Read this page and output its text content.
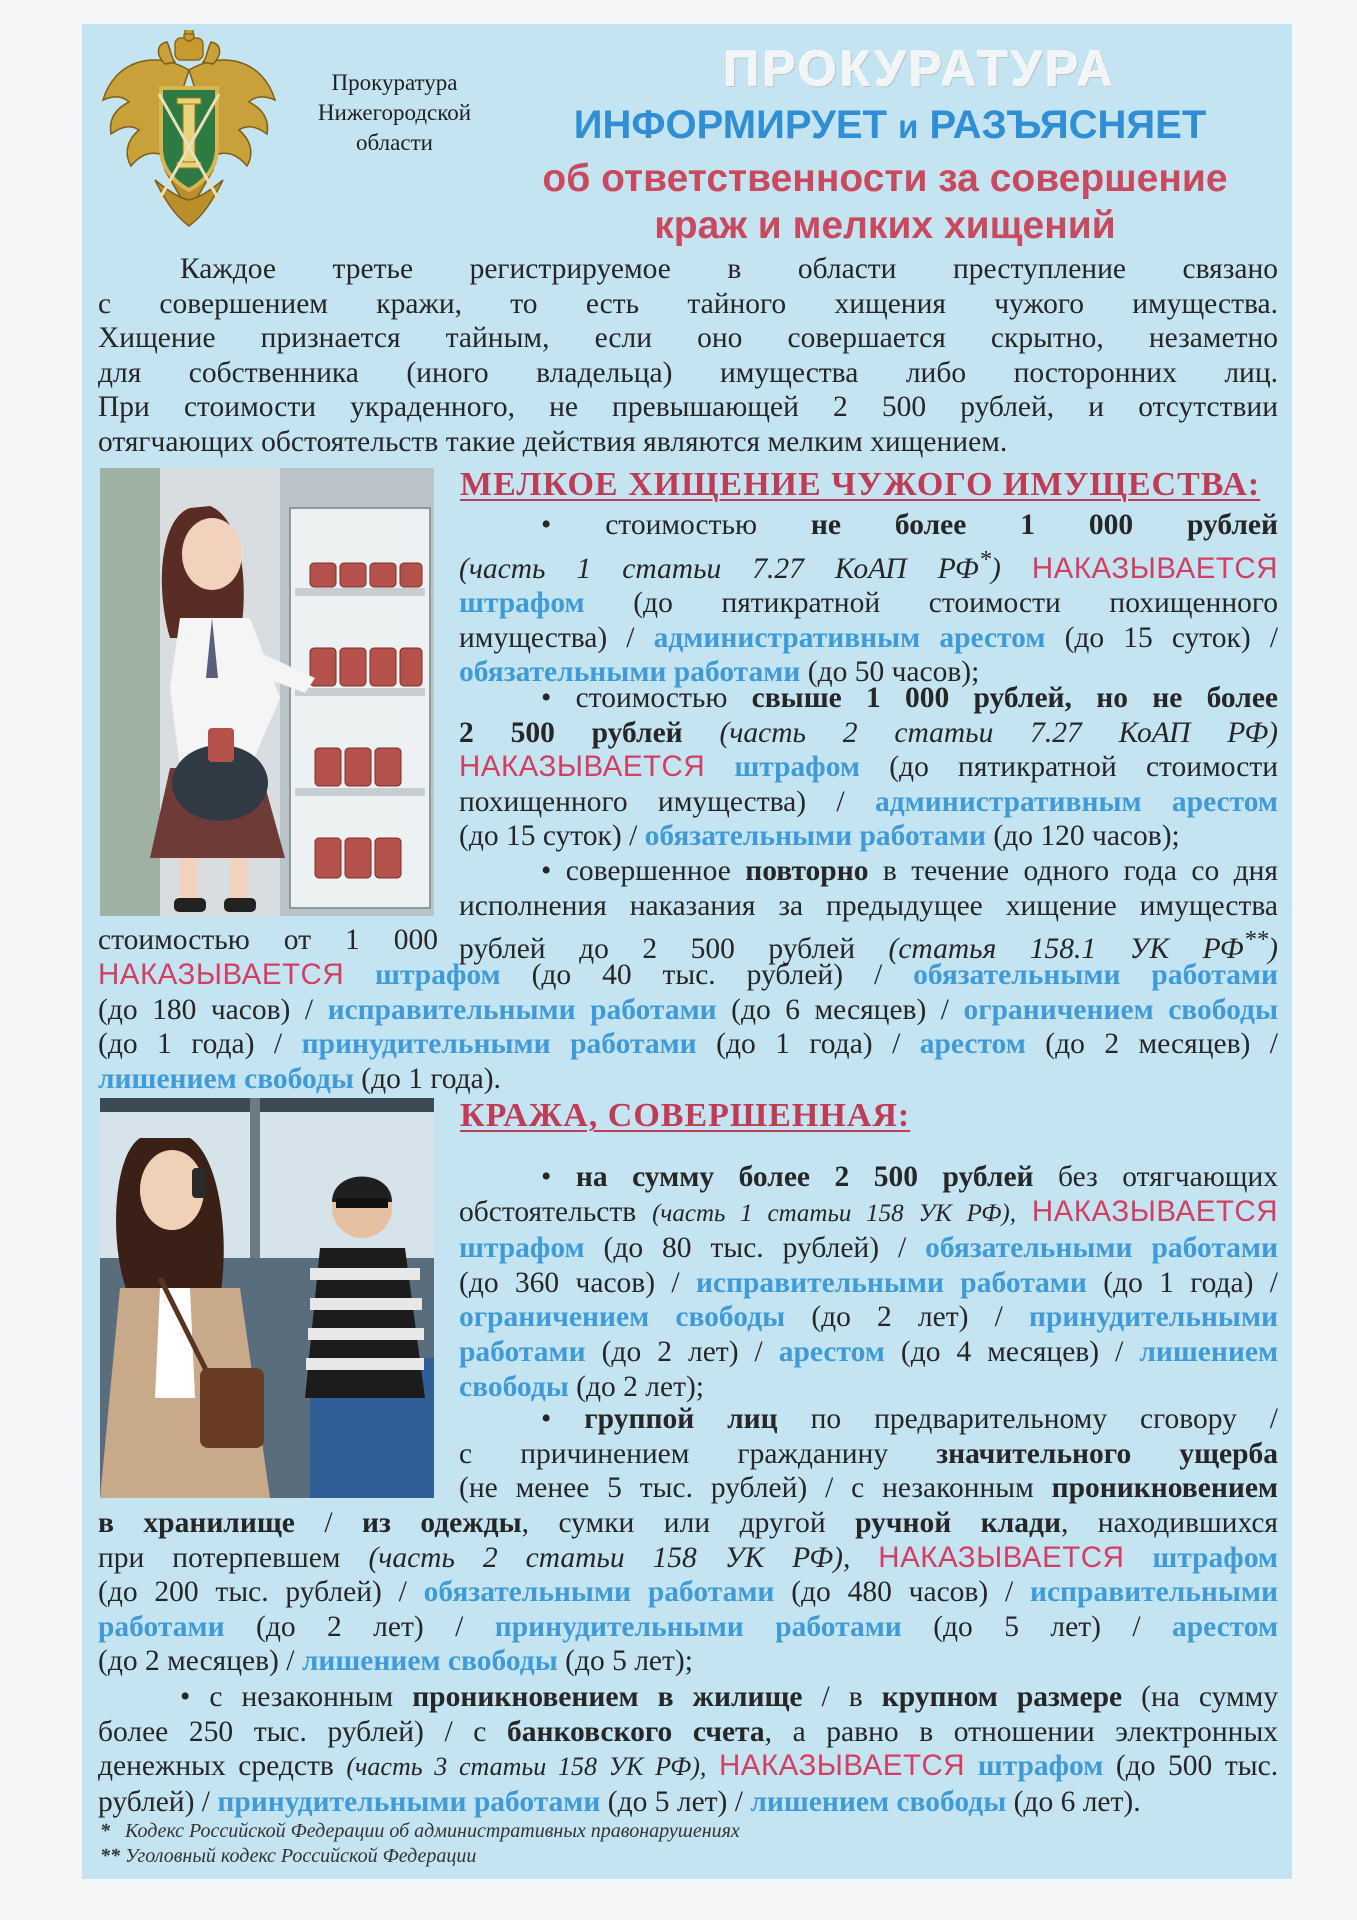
Прокуратура
Нижегородской
области
ПРОКУРАТУРА
ИНФОРМИРУЕТ и РАЗЪЯСНЯЕТ
об ответственности за совершение
краж и мелких хищений
Каждое третье регистрируемое в области преступление связано
с совершением кражи, то есть тайного хищения чужого имущества.
Хищение признается тайным, если оно совершается скрытно, незаметно
для собственника (иного владельца) имущества либо посторонних лиц.
При стоимости украденного, не превышающей 2 500 рублей, и отсутствии
отягчающих обстоятельств такие действия являются мелким хищением.
МЕЛКОЕ ХИЩЕНИЕ ЧУЖОГО ИМУЩЕСТВА:
• стоимостью не более 1 000 рублей
(часть 1 статьи 7.27 КоАП РФ*) НАКАЗЫВАЕТСЯ
штрафом (до пятикратной стоимости похищенного
имущества) / административным арестом (до 15 суток) /
обязательными работами (до 50 часов);
• стоимостью свыше 1 000 рублей, но не более
2 500 рублей (часть 2 статьи 7.27 КоАП РФ)
НАКАЗЫВАЕТСЯ штрафом (до пятикратной стоимости
похищенного имущества) / административным арестом
(до 15 суток) / обязательными работами (до 120 часов);
• совершенное повторно в течение одного года со дня
исполнения наказания за предыдущее хищение имущества
стоимостью от 1 000 рублей до 2 500 рублей (статья 158.1 УК РФ**)
НАКАЗЫВАЕТСЯ штрафом (до 40 тыс. рублей) / обязательными работами
(до 180 часов) / исправительными работами (до 6 месяцев) / ограничением свободы
(до 1 года) / принудительными работами (до 1 года) / арестом (до 2 месяцев) /
лишением свободы (до 1 года).
КРАЖА, СОВЕРШЕННАЯ:
• на сумму более 2 500 рублей без отягчающих
обстоятельств (часть 1 статьи 158 УК РФ), НАКАЗЫВАЕТСЯ
штрафом (до 80 тыс. рублей) / обязательными работами
(до 360 часов) / исправительными работами (до 1 года) /
ограничением свободы (до 2 лет) / принудительными
работами (до 2 лет) / арестом (до 4 месяцев) / лишением
свободы (до 2 лет);
• группой лиц по предварительному сговору /
с причинением гражданину значительного ущерба
(не менее 5 тыс. рублей) / с незаконным проникновением
в хранилище / из одежды, сумки или другой ручной клади, находившихся
при потерпевшем (часть 2 статьи 158 УК РФ), НАКАЗЫВАЕТСЯ штрафом
(до 200 тыс. рублей) / обязательными работами (до 480 часов) / исправительными
работами (до 2 лет) / принудительными работами (до 5 лет) / арестом
(до 2 месяцев) / лишением свободы (до 5 лет);
• с незаконным проникновением в жилище / в крупном размере (на сумму
более 250 тыс. рублей) / с банковского счета, а равно в отношении электронных
денежных средств (часть 3 статьи 158 УК РФ), НАКАЗЫВАЕТСЯ штрафом (до 500 тыс.
рублей) / принудительными работами (до 5 лет) / лишением свободы (до 6 лет).
* Кодекс Российской Федерации об административных правонарушениях
** Уголовный кодекс Российской Федерации
